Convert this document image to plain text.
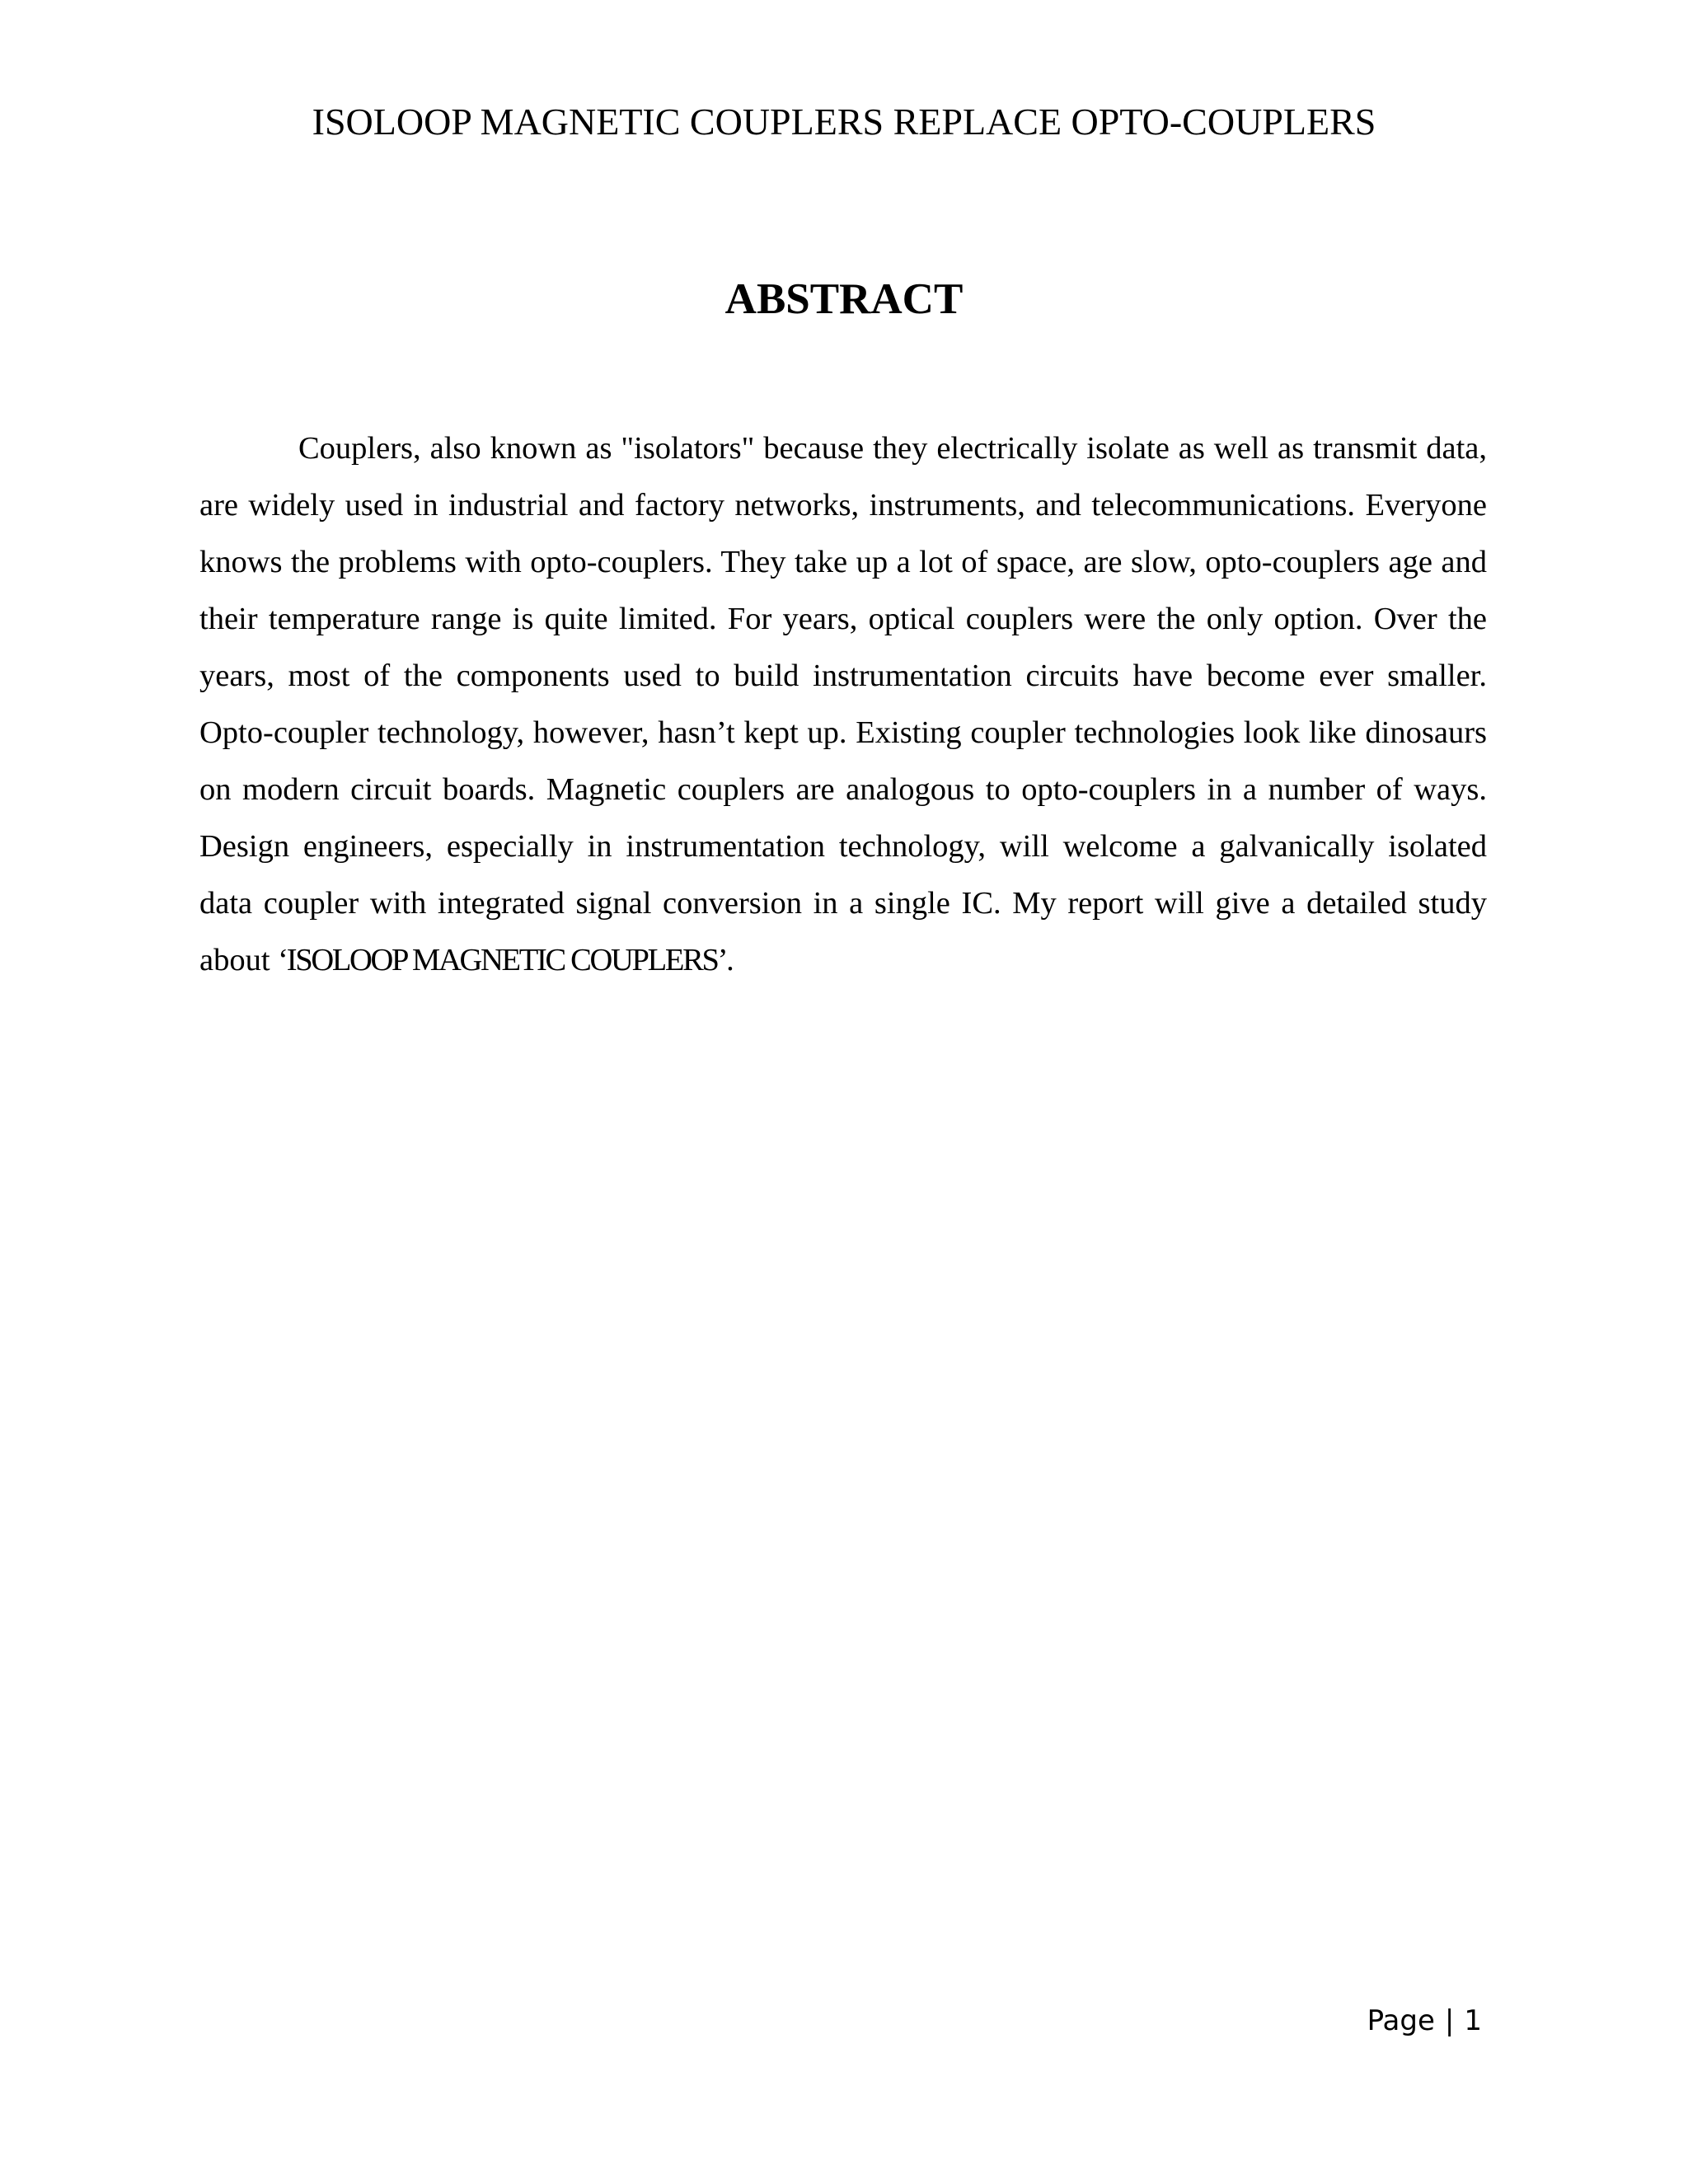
ISOLOOP MAGNETIC COUPLERS REPLACE OPTO-COUPLERS
ABSTRACT

Couplers, also known as "isolators" because they electrically isolate as well as transmit data, are widely used in industrial and factory networks, instruments, and telecommunications. Everyone knows the problems with opto-couplers. They take up a lot of space, are slow, opto-couplers age and their temperature range is quite limited. For years, optical couplers were the only option. Over the years, most of the components used to build instrumentation circuits have become ever smaller. Opto-coupler technology, however, hasn’t kept up. Existing coupler technologies look like dinosaurs on modern circuit boards. Magnetic couplers are analogous to opto-couplers in a number of ways. Design engineers, especially in instrumentation technology, will welcome a galvanically isolated data coupler with integrated signal conversion in a single IC. My report will give a detailed study about ‘ISOLOOP MAGNETIC COUPLERS’.

Page | 1
